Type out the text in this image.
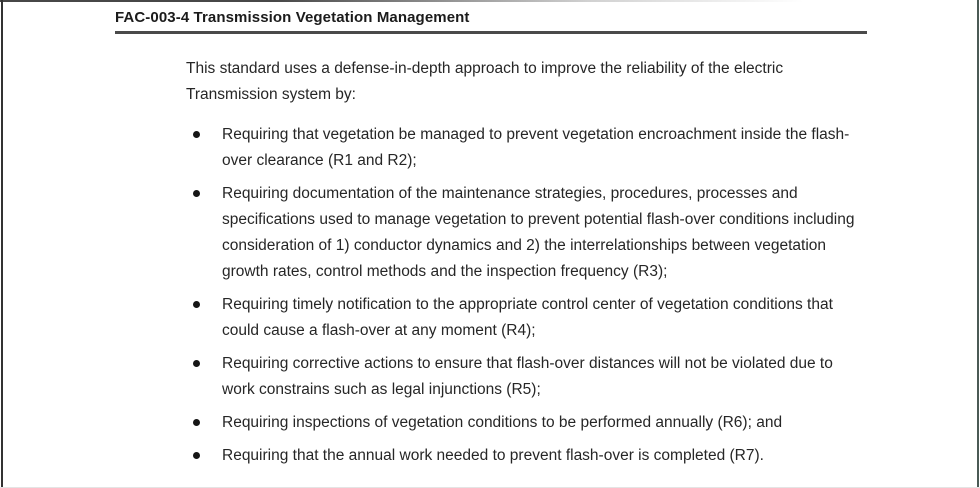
FAC-003-4 Transmission Vegetation Management

This standard uses a defense-in-depth approach to improve the reliability of the electric Transmission system by:

Requiring that vegetation be managed to prevent vegetation encroachment inside the flash-over clearance (R1 and R2);
Requiring documentation of the maintenance strategies, procedures, processes and specifications used to manage vegetation to prevent potential flash-over conditions including consideration of 1) conductor dynamics and 2) the interrelationships between vegetation growth rates, control methods and the inspection frequency (R3);
Requiring timely notification to the appropriate control center of vegetation conditions that could cause a flash-over at any moment (R4);
Requiring corrective actions to ensure that flash-over distances will not be violated due to work constrains such as legal injunctions (R5);
Requiring inspections of vegetation conditions to be performed annually (R6); and
Requiring that the annual work needed to prevent flash-over is completed (R7).
